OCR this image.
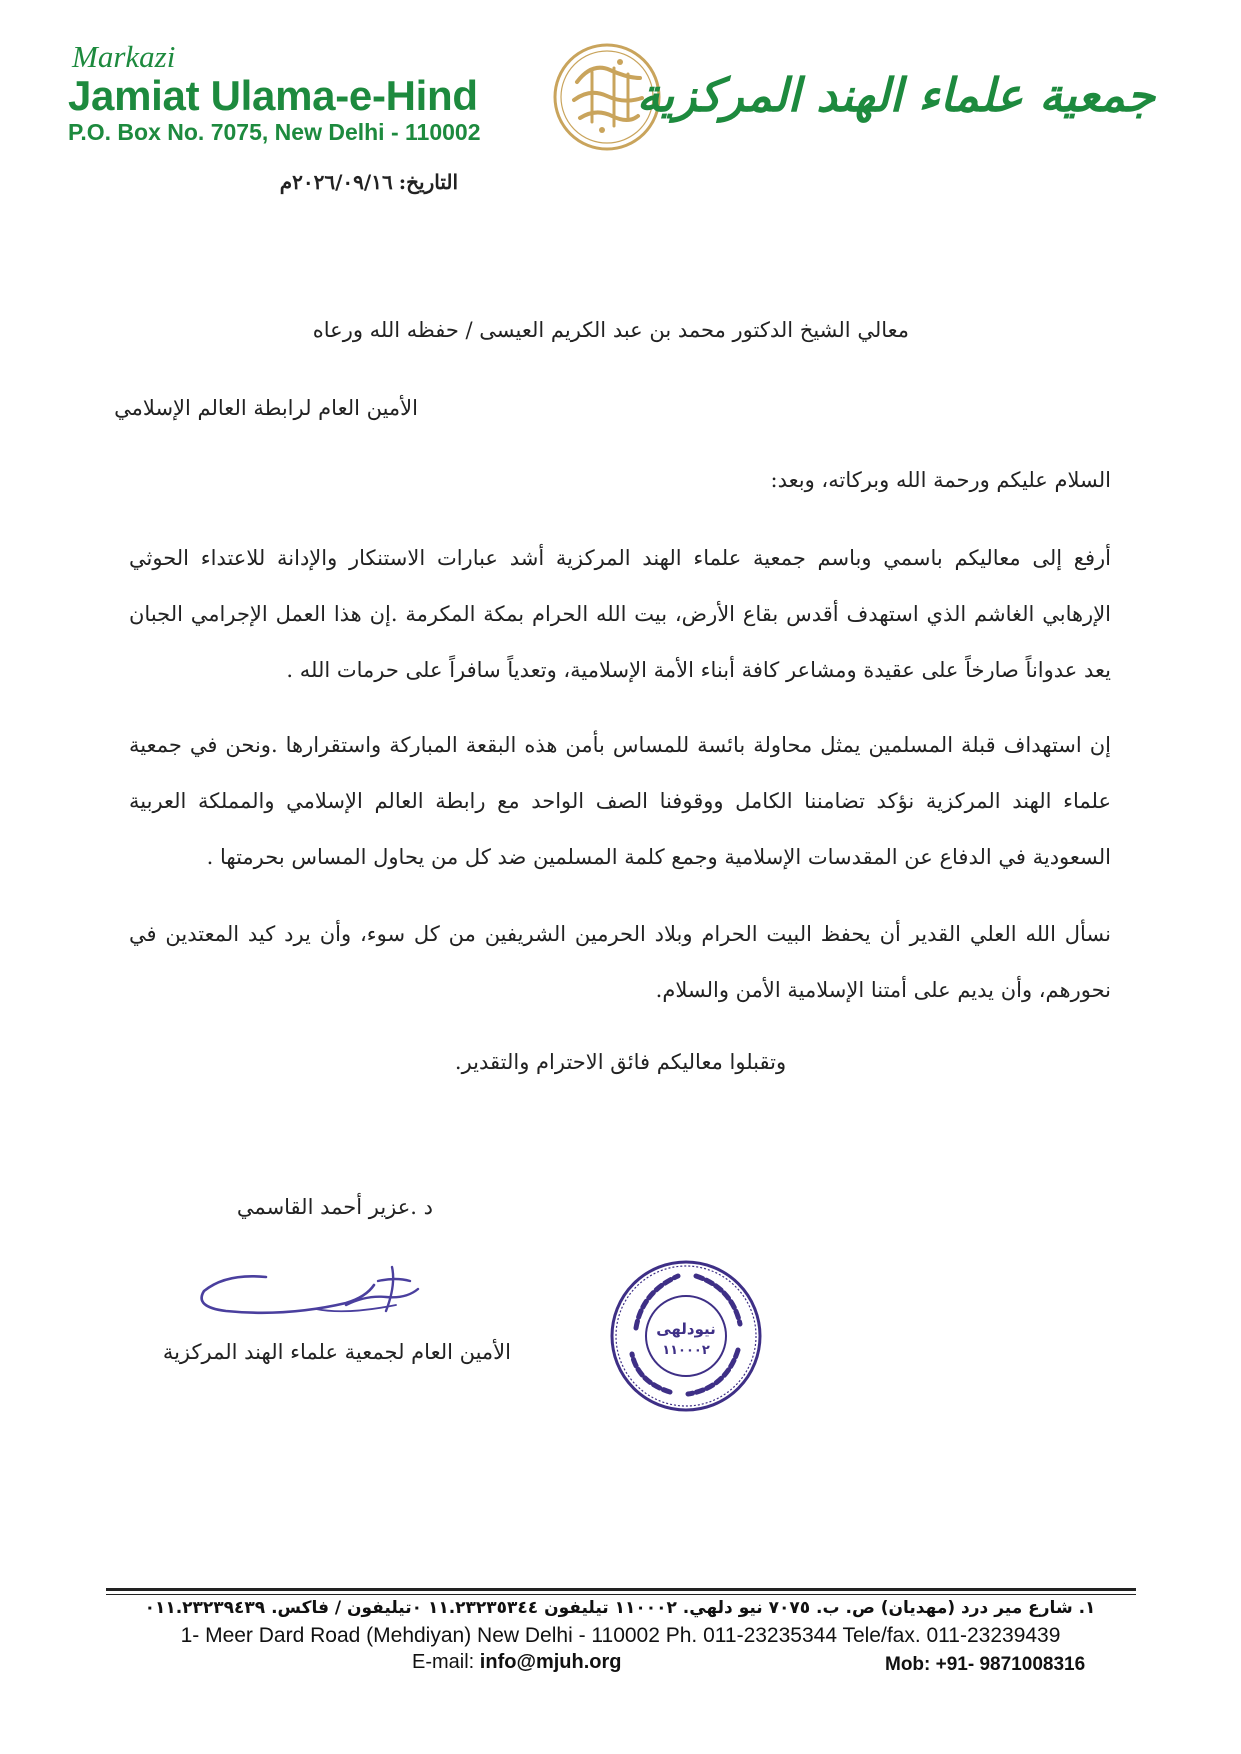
Markazi
Jamiat Ulama-e-Hind
P.O. Box No. 7075, New Delhi - 110002
جمعية علماء الهند المركزية
التاريخ:٢٠٢٦/٠٩/١٦م
معالي الشيخ الدكتور محمد بن عبد الكريم العيسى / حفظه الله ورعاه
الأمين العام لرابطة العالم الإسلامي
السلام عليكم ورحمة الله وبركاته، وبعد:
أرفع إلى معاليكم باسمي وباسم جمعية علماء الهند المركزية أشد عبارات الاستنكار والإدانة للاعتداء الحوثي الإرهابي الغاشم الذي استهدف أقدس بقاع الأرض، بيت الله الحرام بمكة المكرمة .إن هذا العمل الإجرامي الجبان يعد عدواناً صارخاً على عقيدة ومشاعر كافة أبناء الأمة الإسلامية، وتعدياً سافراً على حرمات الله .
إن استهداف قبلة المسلمين يمثل محاولة بائسة للمساس بأمن هذه البقعة المباركة واستقرارها .ونحن في جمعية علماء الهند المركزية نؤكد تضامننا الكامل ووقوفنا الصف الواحد مع رابطة العالم الإسلامي والمملكة العربية السعودية في الدفاع عن المقدسات الإسلامية وجمع كلمة المسلمين ضد كل من يحاول المساس بحرمتها .
نسأل الله العلي القدير أن يحفظ البيت الحرام وبلاد الحرمين الشريفين من كل سوء، وأن يرد كيد المعتدين في نحورهم، وأن يديم على أمتنا الإسلامية الأمن والسلام.
وتقبلوا معاليكم فائق الاحترام والتقدير.
د .عزير أحمد القاسمي
الأمين العام لجمعية علماء الهند المركزية
نيودلهى
١١٠٠٠٢
١. شارع مير درد (مهديان) ص. ب. ٧٠٧٥ نيو دلهي. ١١٠٠٠٢ تيليفون ١١.٢٣٢٣٥٣٤٤ ٠تيليفون / فاكس. ٠١١.٢٣٢٣٩٤٣٩
1- Meer Dard Road (Mehdiyan) New Delhi - 110002 Ph. 011-23235344 Tele/fax. 011-23239439
E-mail: info@mjuh.org	Mob: +91- 9871008316
